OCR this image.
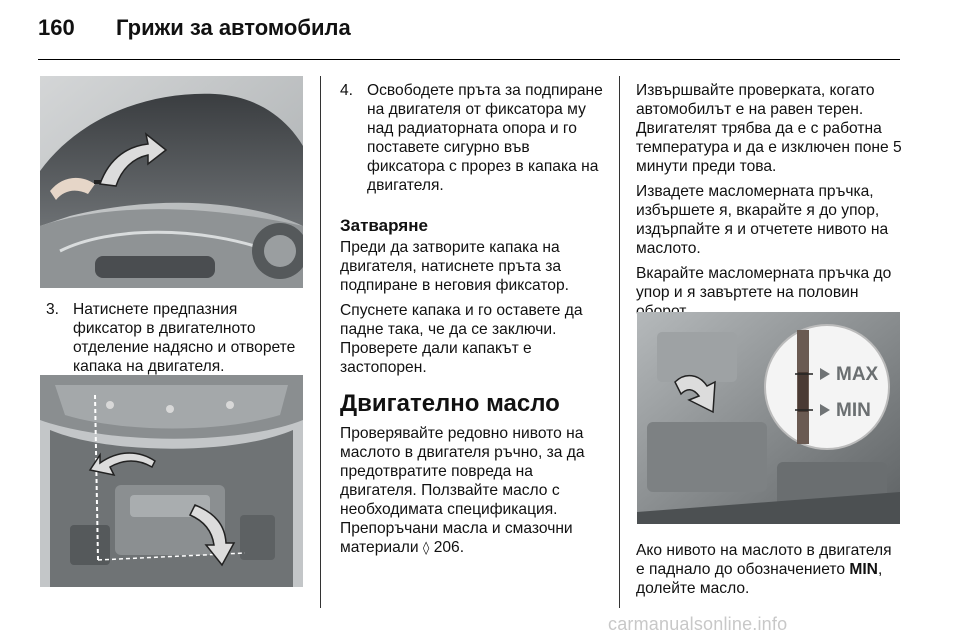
160 Грижи за автомобила
3. Натиснете предпазния фиксатор в двигателното отделение надясно и отворете капака на двигателя.
4. Освободете пръта за подпиране на двигателя от фиксатора му над радиаторната опора и го поставете сигурно във фиксатора с прорез в капака на двигателя.
Затваряне

Преди да затворите капака на двигателя, натиснете пръта за подпиране в неговия фиксатор.

Спуснете капака и го оставете да падне така, че да се заключи. Проверете дали капакът е застопорен.

Двигателно масло

Проверявайте редовно нивото на маслото в двигателя ръчно, за да предотвратите повреда на двигателя. Ползвайте масло с необходимата спецификация. Препоръчани масла и смазочни материали ◊ 206.

Извършвайте проверката, когато автомобилът е на равен терен. Двигателят трябва да е с работна температура и да е изключен поне 5 минути преди това.

Извадете масломерната пръчка, избършете я, вкарайте я до упор, издърпайте я и отчетете нивото на маслото.

Вкарайте масломерната пръчка до упор и я завъртете на половин

MAX
MIN

Ако нивото на маслото в двигателя е паднало до обозначението MIN, долейте масло.

carmanualsonline.info
